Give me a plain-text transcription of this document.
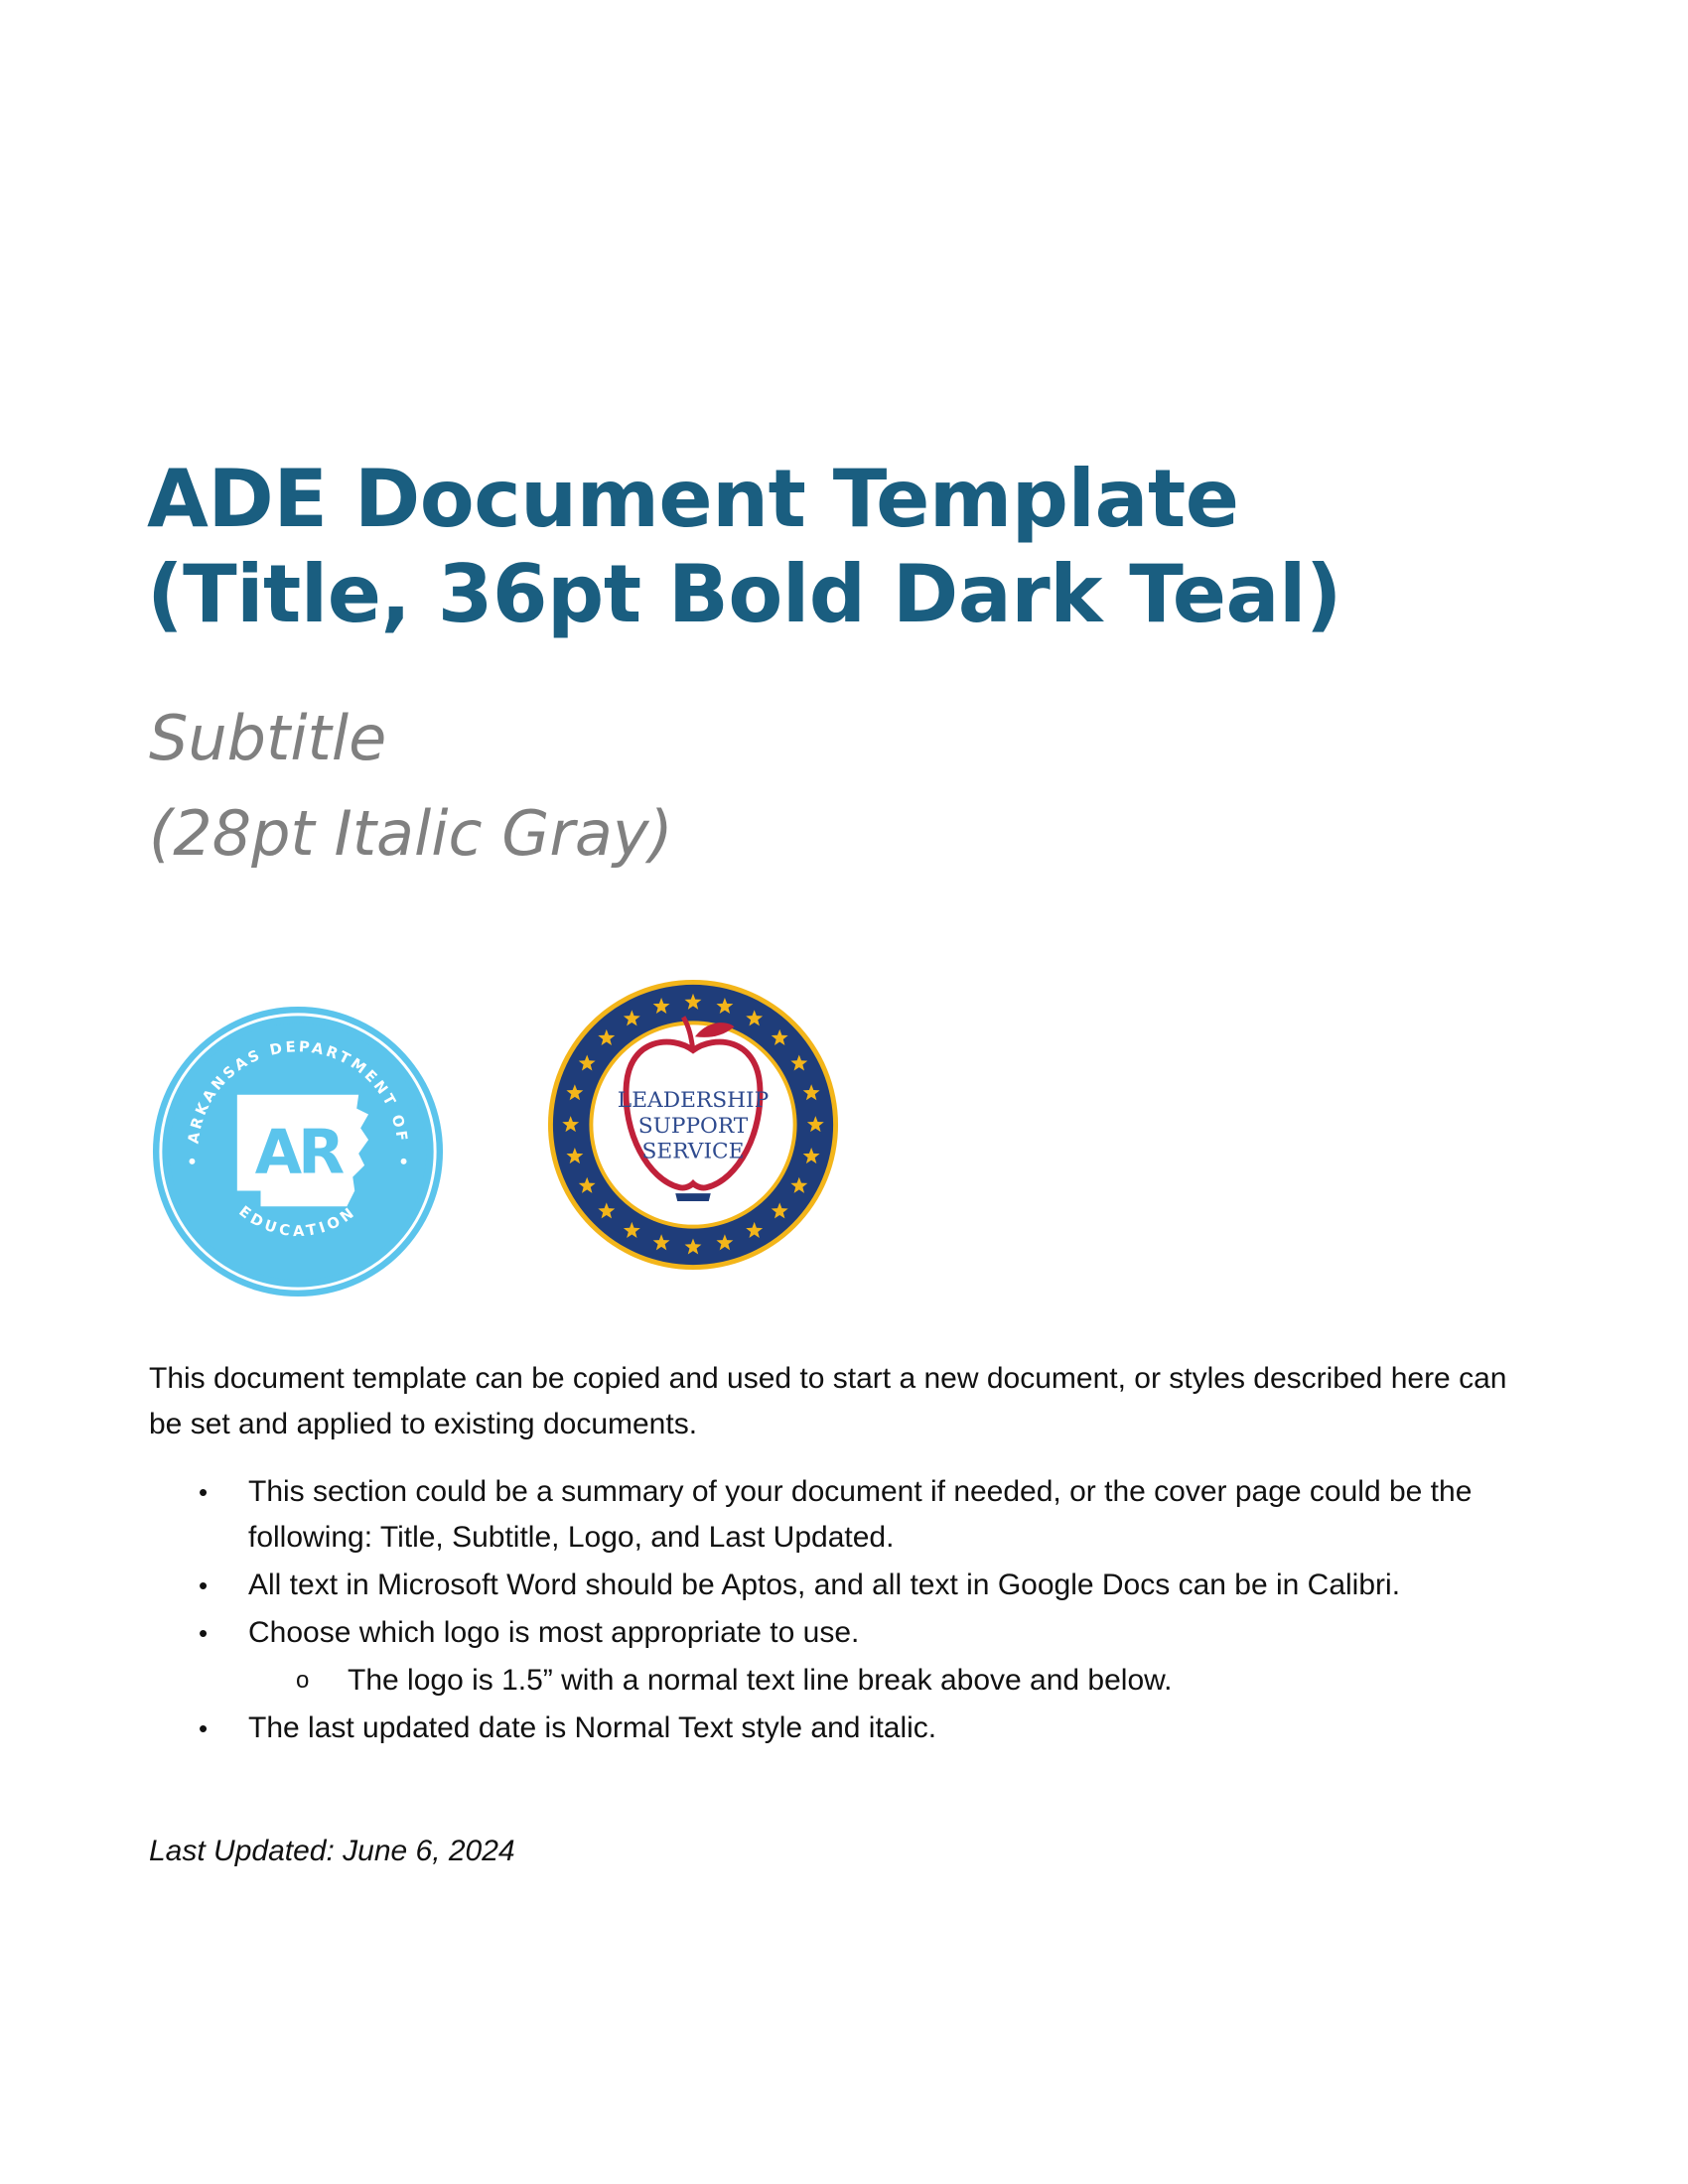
ADE Document Template
(Title, 36pt Bold Dark Teal)
Subtitle
(28pt Italic Gray)
ARKANSAS DEPARTMENT OF
EDUCATION
AR
LEADERSHIP
SUPPORT
SERVICE

This document template can be copied and used to start a new document, or styles described here can be set and applied to existing documents.

• This section could be a summary of your document if needed, or the cover page could be the following: Title, Subtitle, Logo, and Last Updated.
• All text in Microsoft Word should be Aptos, and all text in Google Docs can be in Calibri.
• Choose which logo is most appropriate to use.
o The logo is 1.5” with a normal text line break above and below.
• The last updated date is Normal Text style and italic.

Last Updated: June 6, 2024
